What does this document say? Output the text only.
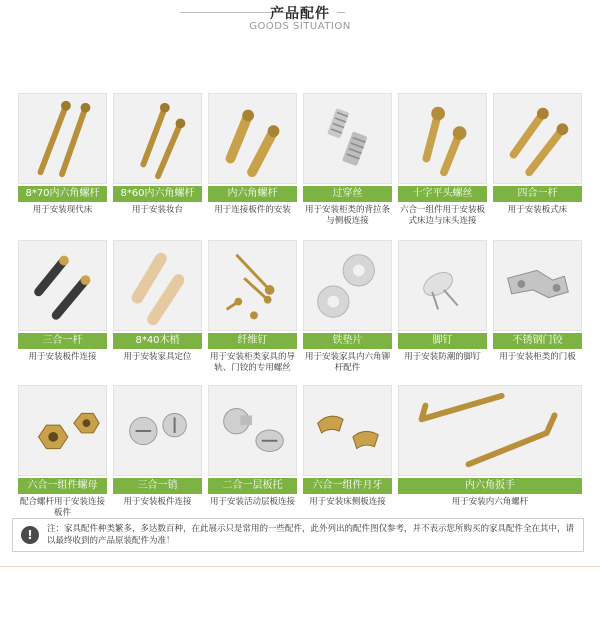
产品配件
GOODS SITUATION
8*70内六角螺杆
用于安装现代床
8*60内六角螺杆
用于安装妆台
内六角螺杆
用于连接板件的安装
过穿丝
用于安装柜类的背拉条与侧板连接
十字平头螺丝
六合一组件用于安装板式床边与床头连接
四合一杆
用于安装板式床
三合一杆
用于安装板件连接
8*40木梢
用于安装家具定位
纤维钉
用于安装柜类家具的导轨、门铰的专用螺丝
铁垫片
用于安装家具内六角铆杆配件
脚钉
用于安装防潮的脚钉
不锈钢门铰
用于安装柜类的门板
六合一组件螺母
配合螺杆用于安装连接板件
三合一销
用于安装板件连接
二合一层板托
用于安装活动层板连接
六合一组件月牙
用于安装床侧板连接
内六角扳手
用于安装内六角螺杆
!	注：家具配件种类繁多，多达数百种，在此展示只是常用的一些配件，此外列出的配件图仅参考，并不表示您所购买的家具配件全在其中，请以最终收到的产品原装配件为准！
